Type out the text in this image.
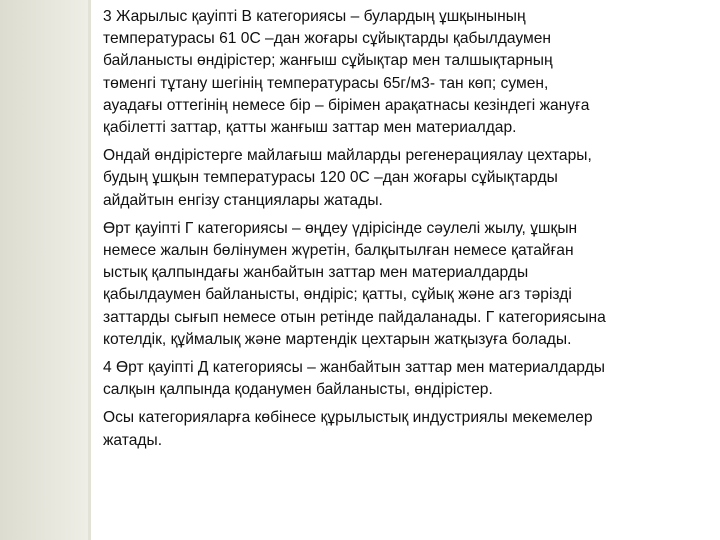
3 Жарылыс қауіпті В категориясы – булардың ұшқынының
температурасы 61 0С –дан жоғары сұйықтарды қабылдаумен
байланысты өндірістер; жанғыш сұйықтар мен талшықтарның
төменгі тұтану шегінің температурасы 65г/м3- тан көп; сумен,
ауадағы оттегінің немесе бір – бірімен арақатнасы кезіндегі жануға
қабілетті заттар, қатты жанғыш заттар мен материалдар.

Ондай өндірістерге майлағыш майларды регенерациялау цехтары,
будың ұшқын температурасы 120 0С –дан жоғары сұйықтарды
айдайтын енгізу станциялары жатады.

Өрт қауіпті Г категориясы – өңдеу үдірісінде сәулелі жылу, ұшқын
немесе жалын бөлінумен жүретін, балқытылған немесе қатайған
ыстық қалпындағы жанбайтын заттар мен материалдарды
қабылдаумен байланысты, өндіріс; қатты, сұйық және агз тәрізді
заттарды сығып немесе отын ретінде пайдаланады. Г категориясына
котелдік, құймалық және мартендік цехтарын жатқызуға болады.

4 Өрт қауіпті Д категориясы – жанбайтын заттар мен материалдарды
салқын қалпында қоданумен байланысты, өндірістер.

Осы категорияларға көбінесе құрылыстық индустриялы мекемелер
жатады.
